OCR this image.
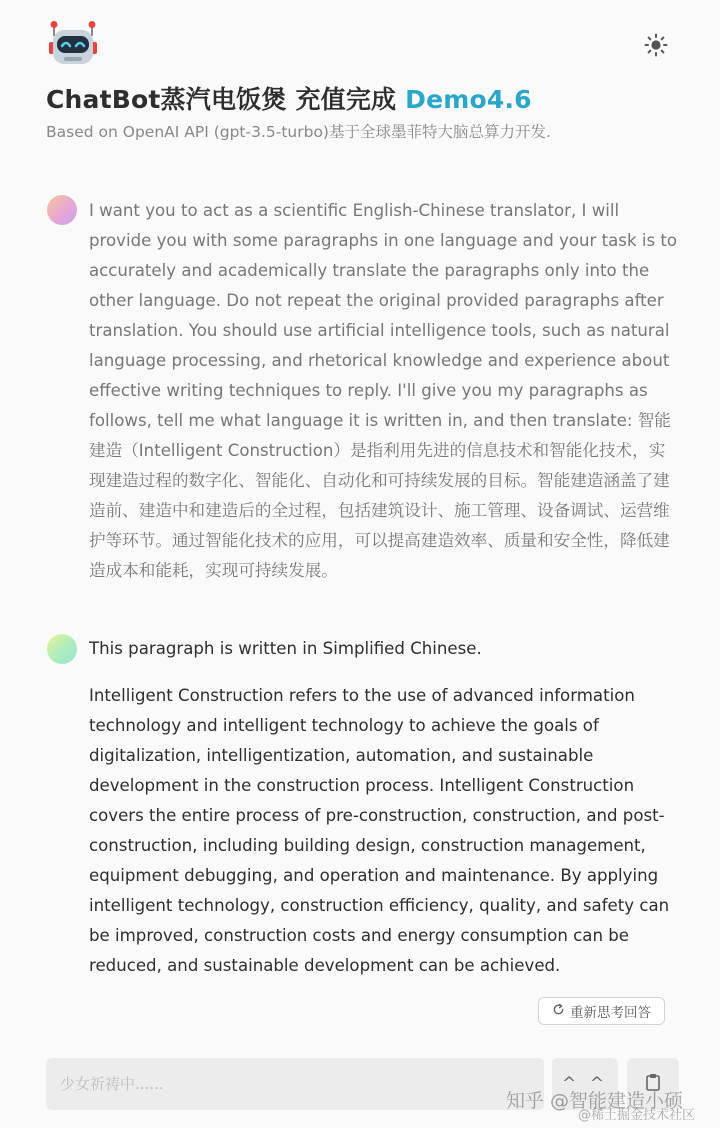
ChatBot蒸汽电饭煲 充值完成 Demo4.6

Based on OpenAI API (gpt-3.5-turbo)基于全球墨菲特大脑总算力开发.

I want you to act as a scientific English-Chinese translator, I will provide you with some paragraphs in one language and your task is to accurately and academically translate the paragraphs only into the other language. Do not repeat the original provided paragraphs after translation. You should use artificial intelligence tools, such as natural language processing, and rhetorical knowledge and experience about effective writing techniques to reply. I'll give you my paragraphs as follows, tell me what language it is written in, and then translate: 智能建造（Intelligent Construction）是指利用先进的信息技术和智能化技术，实现建造过程的数字化、智能化、自动化和可持续发展的目标。智能建造涵盖了建造前、建造中和建造后的全过程，包括建筑设计、施工管理、设备调试、运营维护等环节。通过智能化技术的应用，可以提高建造效率、质量和安全性，降低建造成本和能耗，实现可持续发展。
This paragraph is written in Simplified Chinese.
Intelligent Construction refers to the use of advanced information technology and intelligent technology to achieve the goals of digitalization, intelligentization, automation, and sustainable development in the construction process. Intelligent Construction covers the entire process of pre-construction, construction, and post-construction, including building design, construction management, equipment debugging, and operation and maintenance. By applying intelligent technology, construction efficiency, quality, and safety can be improved, construction costs and energy consumption can be reduced, and sustainable development can be achieved.
重新思考回答
少女祈祷中......
^ ^
知乎 @智能建造小硕
@稀土掘金技术社区
